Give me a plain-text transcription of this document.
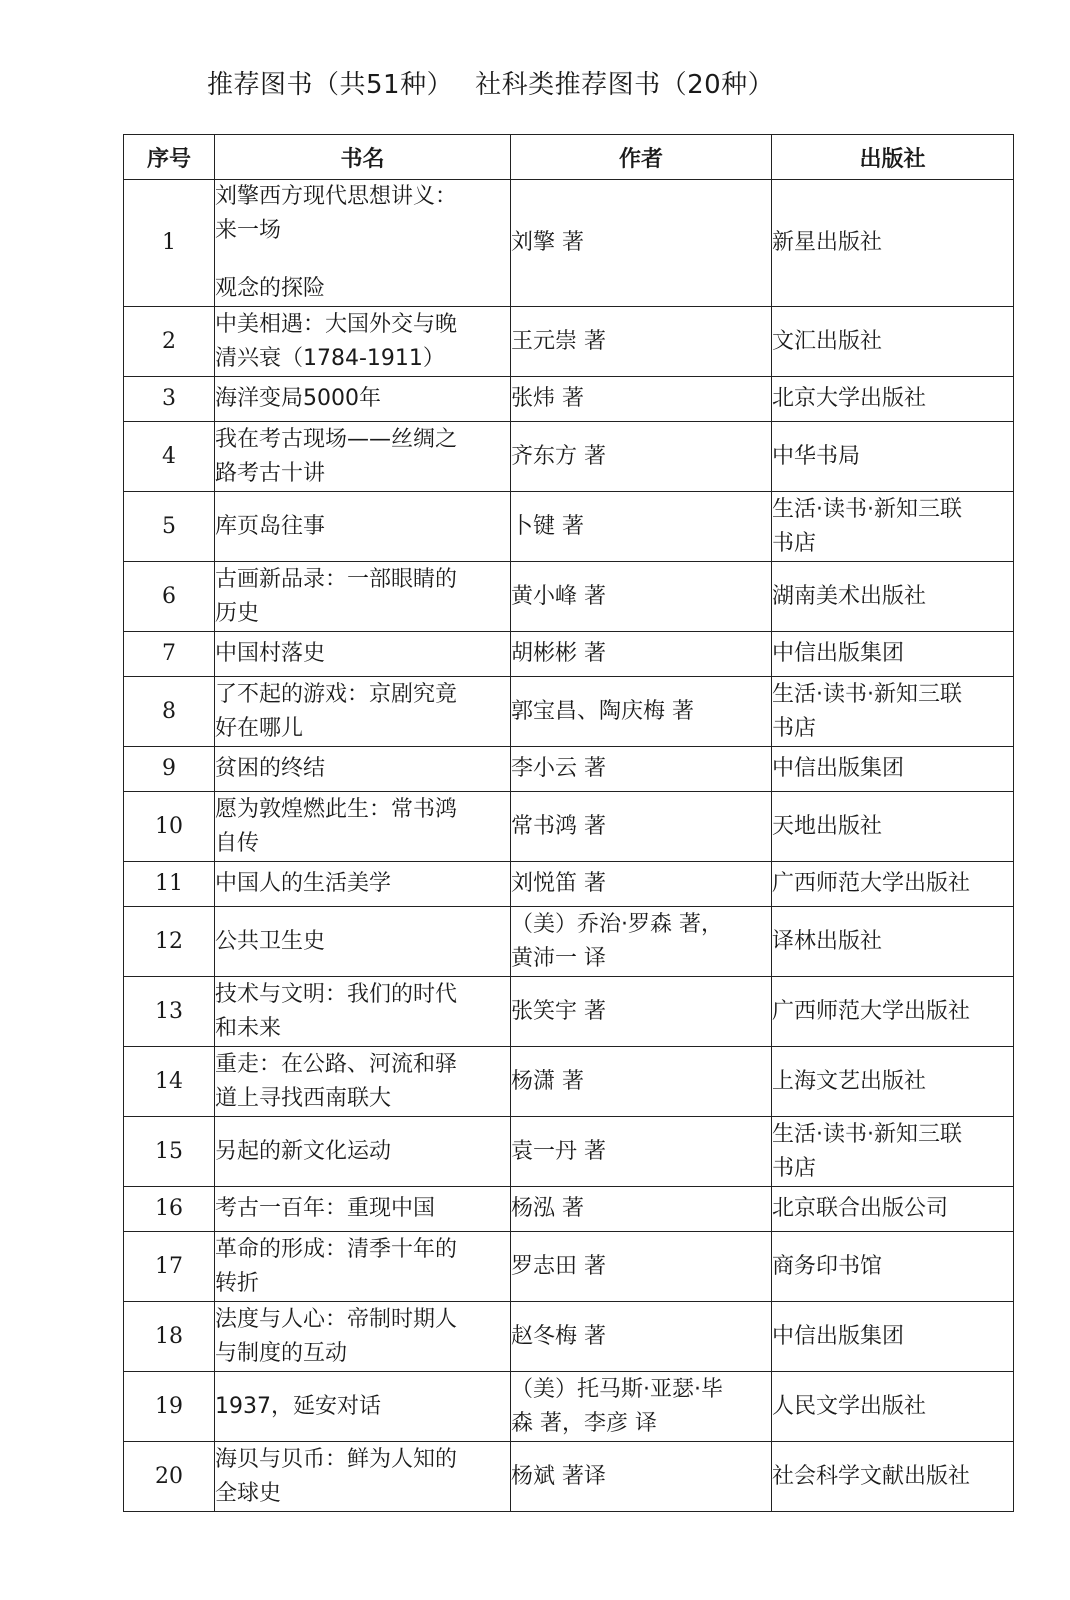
推荐图书（共51种） 社科类推荐图书（20种）
序号	书名	作者	出版社
1	刘擎西方现代思想讲义：
来一场
观念的探险	刘擎 著	新星出版社

2	中美相遇：大国外交与晚
清兴衰（1784-1911）	王元崇 著	文汇出版社

3	海洋变局5000年	张炜 著	北京大学出版社

4	我在考古现场——丝绸之
路考古十讲	齐东方 著	中华书局

5	库页岛往事	卜键 著	生活·读书·新知三联
书店

6	古画新品录：一部眼睛的
历史	黄小峰 著	湖南美术出版社

7	中国村落史	胡彬彬 著	中信出版集团

8	了不起的游戏：京剧究竟
好在哪儿	郭宝昌、陶庆梅 著	生活·读书·新知三联
书店

9	贫困的终结	李小云 著	中信出版集团

10	愿为敦煌燃此生：常书鸿
自传	常书鸿 著	天地出版社

11	中国人的生活美学	刘悦笛 著	广西师范大学出版社

12	公共卫生史	（美）乔治·罗森 著，
黄沛一 译	译林出版社

13	技术与文明：我们的时代
和未来	张笑宇 著	广西师范大学出版社

14	重走：在公路、河流和驿
道上寻找西南联大	杨潇 著	上海文艺出版社

15	另起的新文化运动	袁一丹 著	生活·读书·新知三联
书店

16	考古一百年：重现中国	杨泓 著	北京联合出版公司

17	革命的形成：清季十年的
转折	罗志田 著	商务印书馆

18	法度与人心：帝制时期人
与制度的互动	赵冬梅 著	中信出版集团

19	1937，延安对话	（美）托马斯·亚瑟·毕
森 著，李彦 译	人民文学出版社

20	海贝与贝币：鲜为人知的
全球史	杨斌 著译	社会科学文献出版社
